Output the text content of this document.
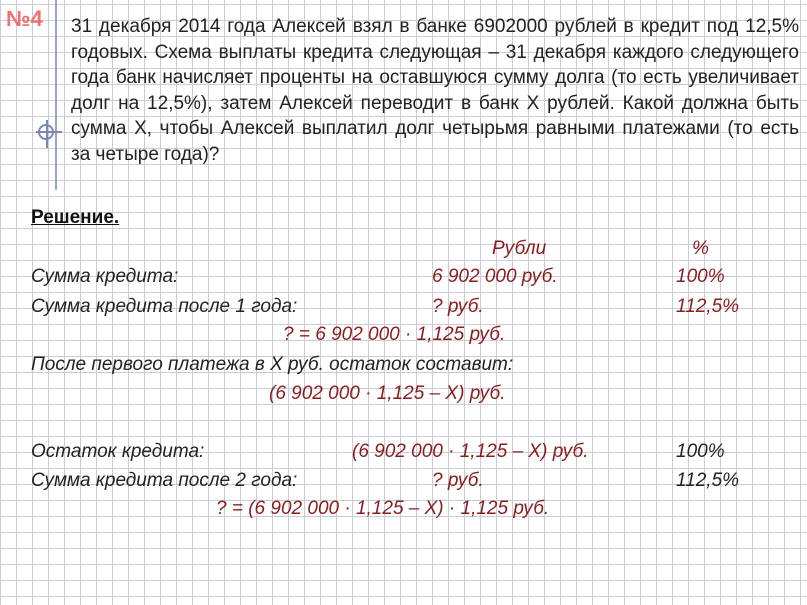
№4 31 декабря 2014 года Алексей взял в банке 6902000 рублей в кредит под 12,5% годовых. Схема выплаты кредита следующая – 31 декабря каждого следующего года банк начисляет проценты на оставшуюся сумму долга (то есть увеличивает долг на 12,5%), затем Алексей переводит в банк X рублей. Какой должна быть сумма X, чтобы Алексей выплатил долг четырьмя равными платежами (то есть за четыре года)?
Решение.
Рубли	%
Сумма кредита:	6 902 000 руб.	100%
Сумма кредита после 1 года:	? руб.	112,5%
? = 6 902 000 · 1,125 руб.
После первого платежа в X руб. остаток составит:
(6 902 000 · 1,125 – X) руб.
Остаток кредита:	(6 902 000 · 1,125 – X) руб.	100%
Сумма кредита после 2 года:	? руб.	112,5%
? = (6 902 000 · 1,125 – X) · 1,125 руб.
